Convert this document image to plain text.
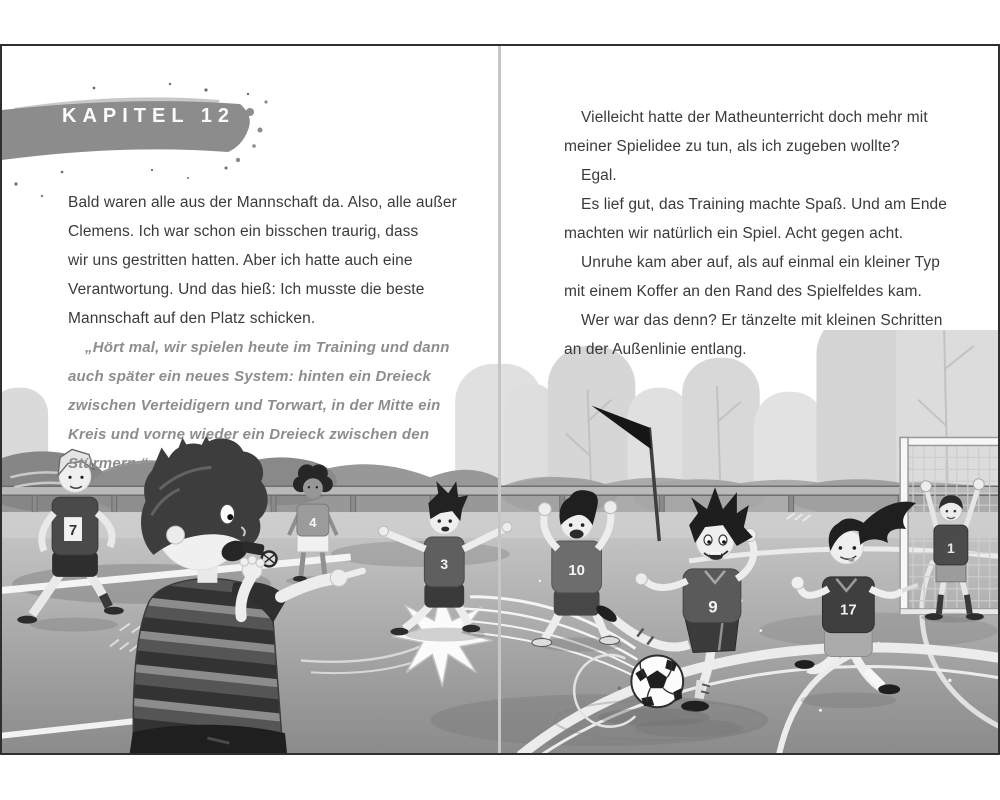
KAPITEL 12
Bald waren alle aus der Mannschaft da. Also, alle außer
Clemens. Ich war schon ein bisschen traurig, dass
wir uns gestritten hatten. Aber ich hatte auch eine
Verantwortung. Und das hieß: Ich musste die beste
Mannschaft auf den Platz schicken.
„Hört mal, wir spielen heute im Training und dann
auch später ein neues System: hinten ein Dreieck
zwischen Verteidigern und Torwart, in der Mitte ein
Kreis und vorne wieder ein Dreieck zwischen den
Stürmern.“
Vielleicht hatte der Matheunterricht doch mehr mit
meiner Spielidee zu tun, als ich zugeben wollte?
Egal.
Es lief gut, das Training machte Spaß. Und am Ende
machten wir natürlich ein Spiel. Acht gegen acht.
Unruhe kam aber auf, als auf einmal ein kleiner Typ
mit einem Koffer an den Rand des Spielfeldes kam.
Wer war das denn? Er tänzelte mit kleinen Schritten
an der Außenlinie entlang.
1
4
7
3	10
17
9
